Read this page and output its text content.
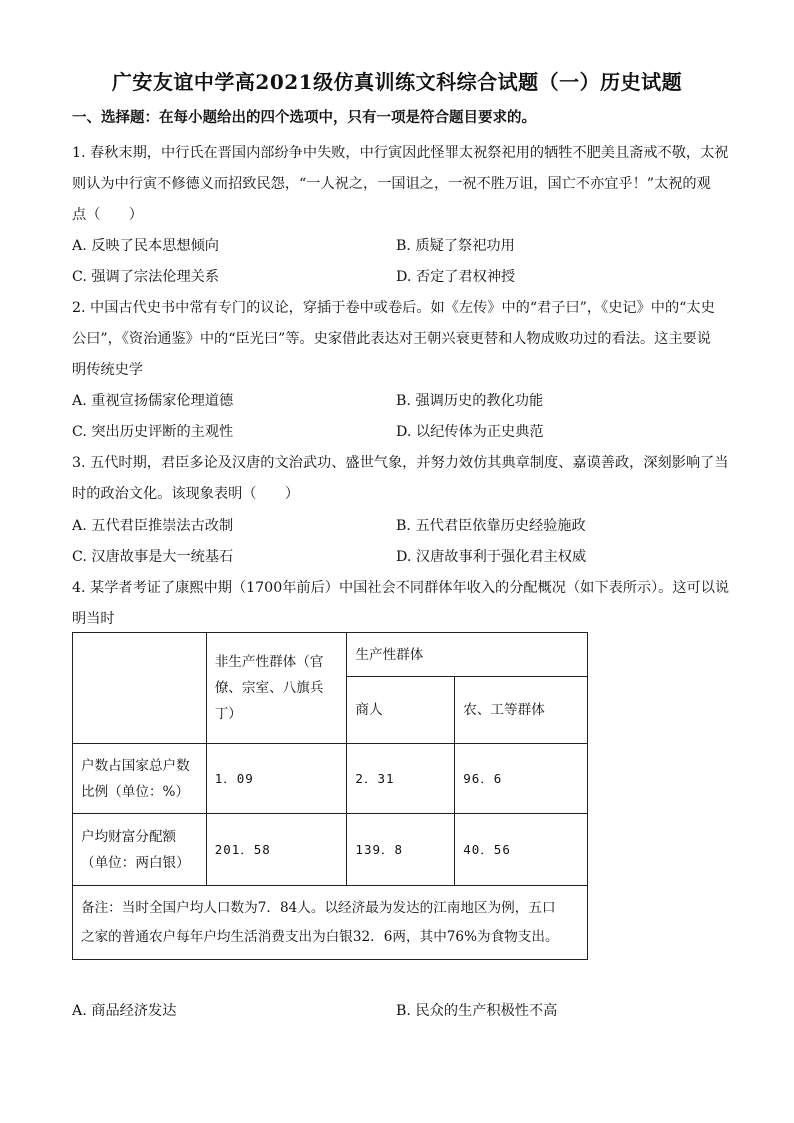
广安友谊中学高2021级仿真训练文科综合试题（一）历史试题
一、选择题：在每小题给出的四个选项中，只有一项是符合题目要求的。
1. 春秋末期，中行氏在晋国内部纷争中失败，中行寅因此怪罪太祝祭祀用的牺牲不肥美且斋戒不敬，太祝
则认为中行寅不修德义而招致民怨，“一人祝之，一国诅之，一祝不胜万诅，国亡不亦宜乎！”太祝的观
点（　　）
A. 反映了民本思想倾向	B. 质疑了祭祀功用
C. 强调了宗法伦理关系	D. 否定了君权神授
2. 中国古代史书中常有专门的议论，穿插于卷中或卷后。如《左传》中的“君子曰”，《史记》中的“太史
公曰”，《资治通鉴》中的“臣光曰”等。史家借此表达对王朝兴衰更替和人物成败功过的看法。这主要说
明传统史学
A. 重视宣扬儒家伦理道德	B. 强调历史的教化功能
C. 突出历史评断的主观性	D. 以纪传体为正史典范
3. 五代时期，君臣多论及汉唐的文治武功、盛世气象，并努力效仿其典章制度、嘉谟善政，深刻影响了当
时的政治文化。该现象表明（　　）
A. 五代君臣推崇法古改制	B. 五代君臣依靠历史经验施政
C. 汉唐故事是大一统基石	D. 汉唐故事利于强化君主权威
4. 某学者考证了康熙中期（1700年前后）中国社会不同群体年收入的分配概况（如下表所示）。这可以说
明当时

	非生产性群体（官
僚、宗室、八旗兵
丁）	生产性群体	
		商人	农、工等群体

户数占国家总户数
比例（单位：%）	1．09	2．31	96．6

户均财富分配额
（单位：两白银）	201．58	139．8	40．56

备注：当时全国户均人口数为7．84人。以经济最为发达的江南地区为例，五口
之家的普通农户每年户均生活消费支出为白银32．6两，其中76%为食物支出。			
A. 商品经济发达	B. 民众的生产积极性不高
